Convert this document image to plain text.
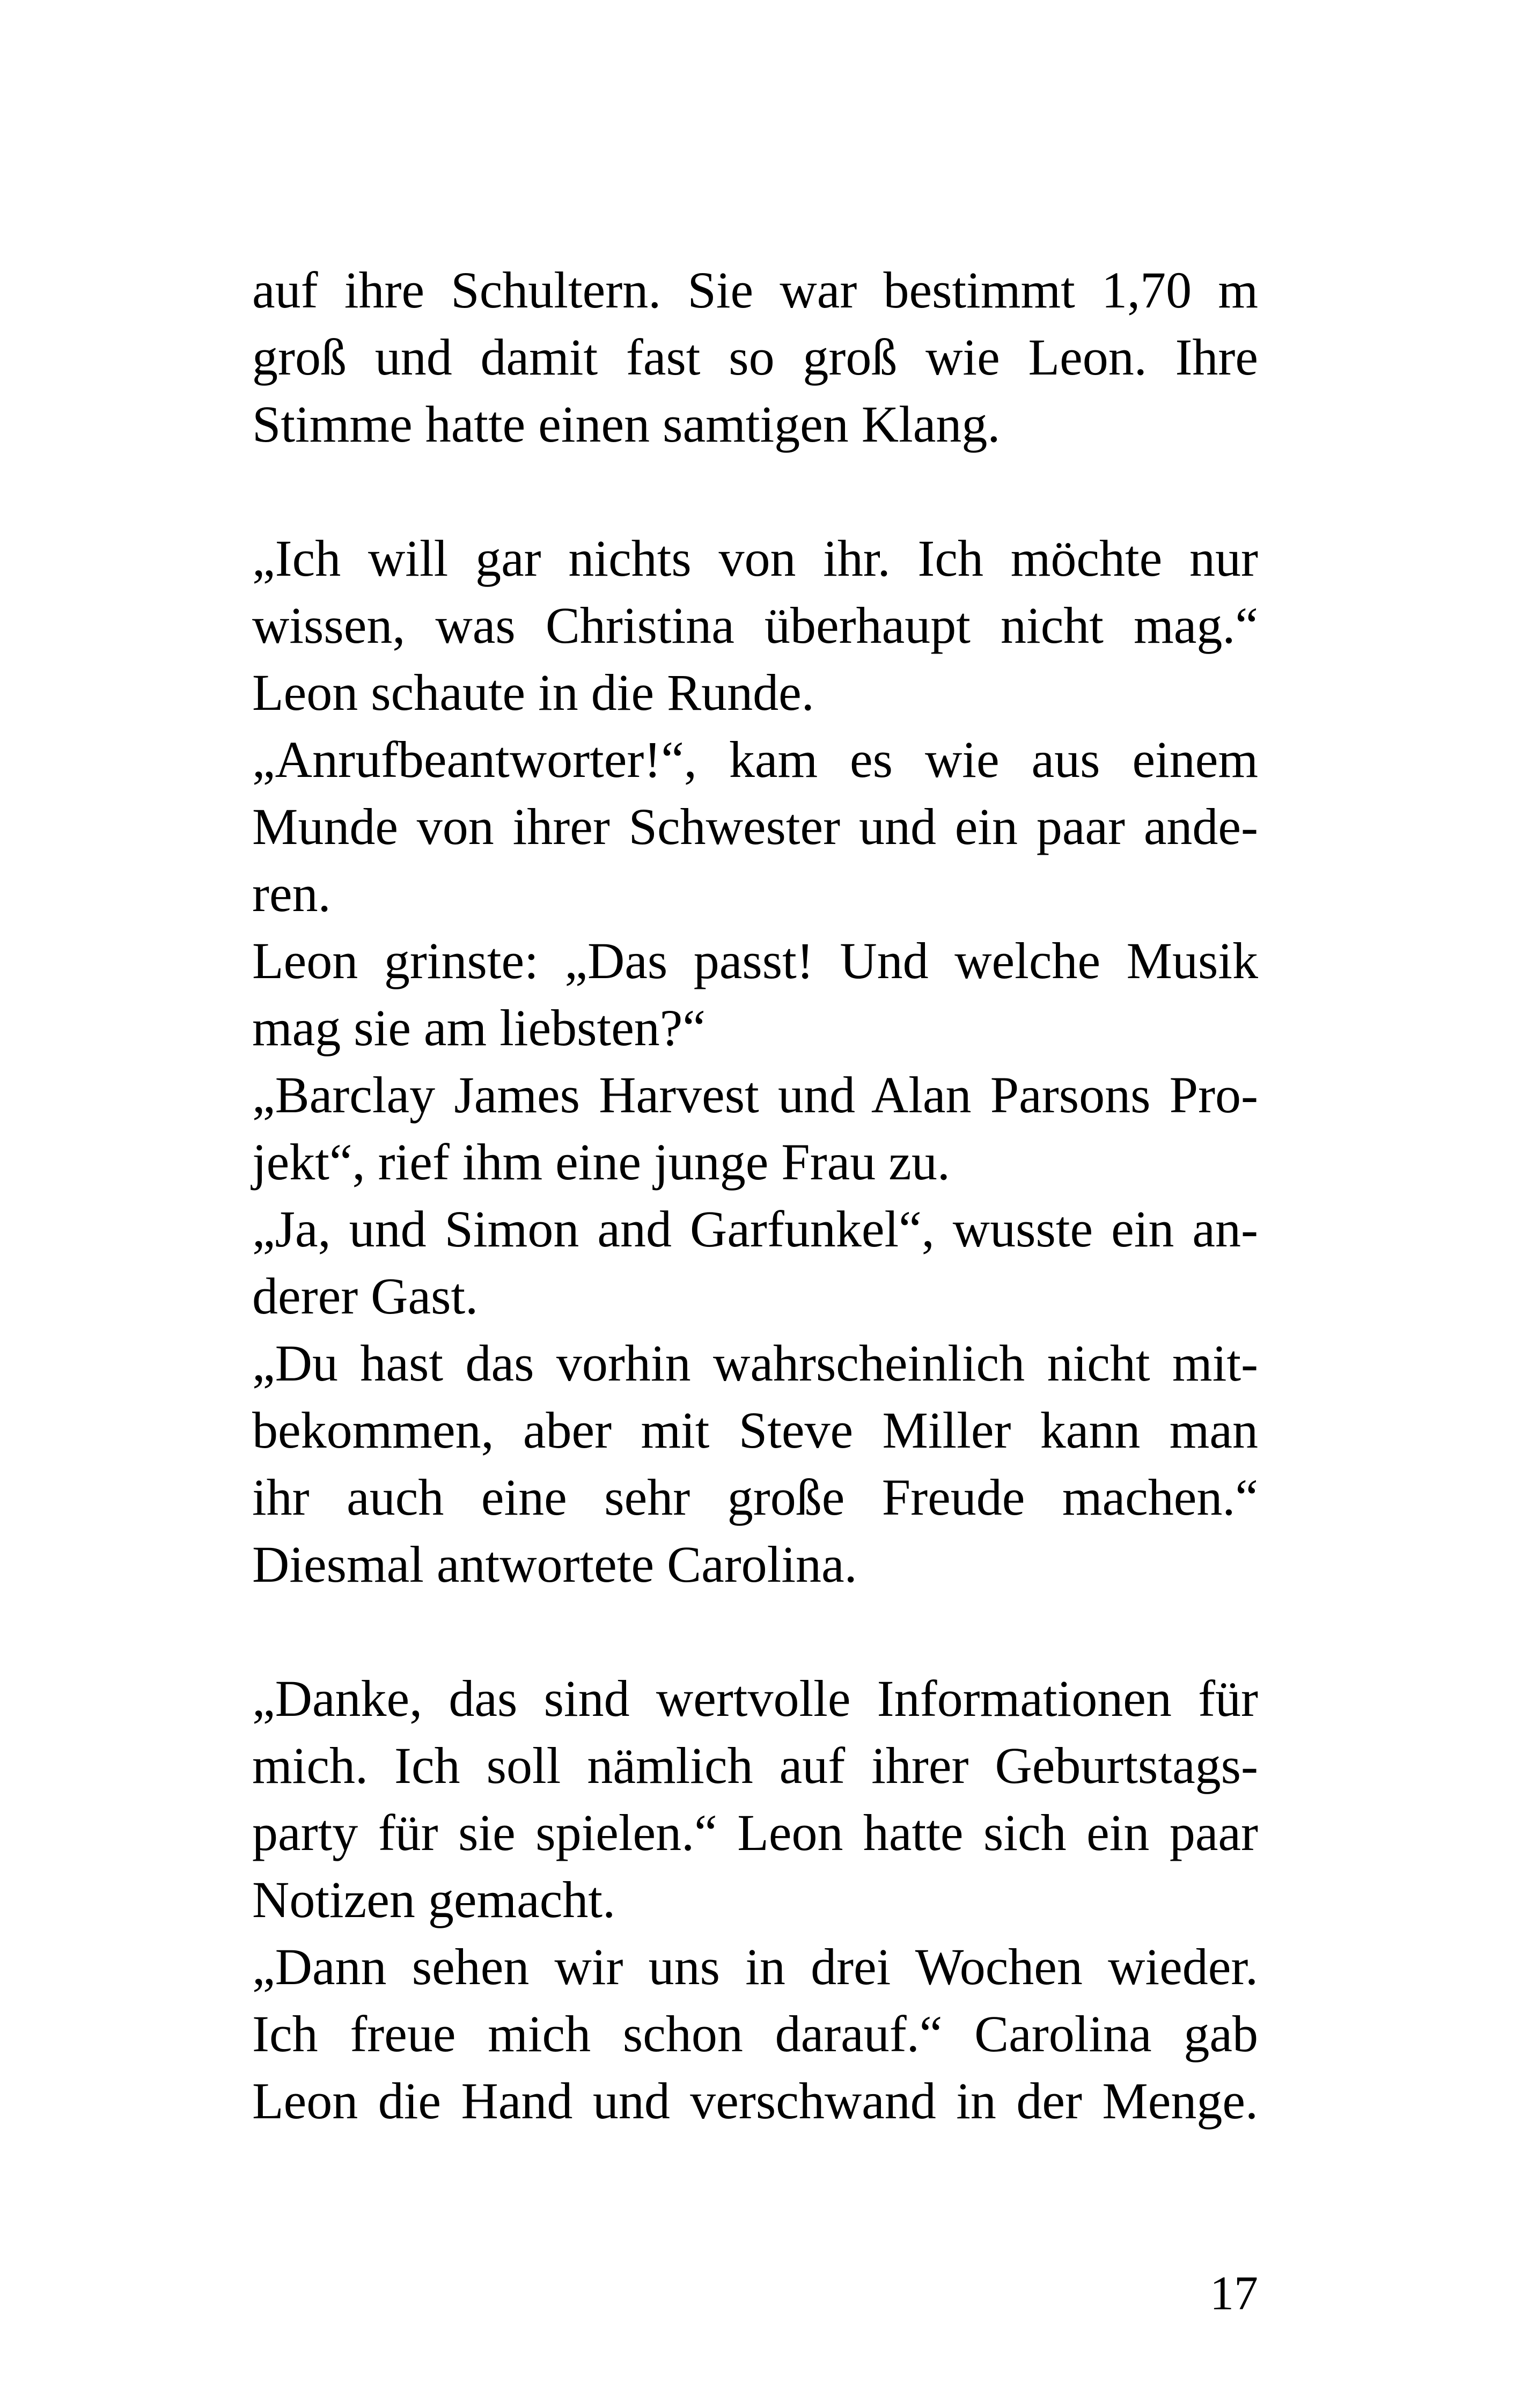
auf ihre Schultern. Sie war bestimmt 1,70 m
groß und damit fast so groß wie Leon. Ihre
Stimme hatte einen samtigen Klang.
„Ich will gar nichts von ihr. Ich möchte nur
wissen, was Christina überhaupt nicht mag.“
Leon schaute in die Runde.
„Anrufbeantworter!“, kam es wie aus einem
Munde von ihrer Schwester und ein paar ande-
ren.
Leon grinste: „Das passt! Und welche Musik
mag sie am liebsten?“
„Barclay James Harvest und Alan Parsons Pro-
jekt“, rief ihm eine junge Frau zu.
„Ja, und Simon and Garfunkel“, wusste ein an-
derer Gast.
„Du hast das vorhin wahrscheinlich nicht mit-
bekommen, aber mit Steve Miller kann man
ihr auch eine sehr große Freude machen.“
Diesmal antwortete Carolina.
„Danke, das sind wertvolle Informationen für
mich. Ich soll nämlich auf ihrer Geburtstags-
party für sie spielen.“ Leon hatte sich ein paar
Notizen gemacht.
„Dann sehen wir uns in drei Wochen wieder.
Ich freue mich schon darauf.“ Carolina gab
Leon die Hand und verschwand in der Menge.
17
